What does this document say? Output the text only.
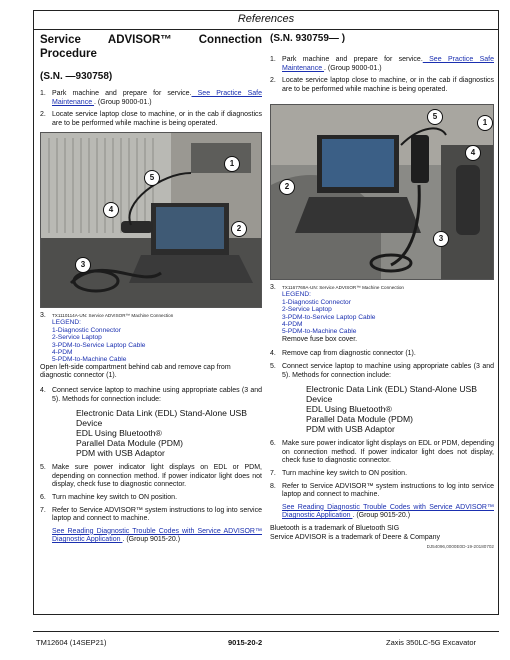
References
Service ADVISOR™ Connection
Procedure

(S.N. —930758)

1. Park machine and prepare for service. See Practice Safe Maintenance . (Group 9000-01.)
2. Locate service laptop close to machine, or in the cab if diagnostics are to be performed while machine is being operated.
1
5
4
2
3
3.	TX1110114A-UN: Service ADVISOR™ Machine Connection

LEGEND:

1-Diagnostic Connector

2-Service Laptop

3-PDM-to-Service Laptop Cable

4-PDM

5-PDM-to-Machine Cable

Open left-side compartment behind cab and remove cap from diagnostic connector (1).

4. Connect service laptop to machine using appropriate cables (3 and 5). Methods for connection include:
Electronic Data Link (EDL) Stand-Alone USB Device
EDL Using Bluetooth®
Parallel Data Module (PDM)
PDM with USB Adaptor
5. Make sure power indicator light displays on EDL or PDM, depending on connection method. If power indicator light does not display, check fuse to diagnostic connector.
6. Turn machine key switch to ON position.
7. Refer to Service ADVISOR™ system instructions to log into service laptop and connect to machine.
See Reading Diagnostic Trouble Codes with Service ADVISOR™ Diagnostic Application . (Group 9015-20.)

(S.N. 930759— )

1. Park machine and prepare for service. See Practice Safe Maintenance . (Group 9000-01.)
2. Locate service laptop close to machine, or in the cab if diagnostics are to be performed while machine is being operated.
5
1
4
2
3
3.	TX1167769A-UN: Service ADVISOR™ Machine Connection

LEGEND:

1-Diagnostic Connector

2-Service Laptop

3-PDM-to-Service Laptop Cable

4-PDM

5-PDM-to-Machine Cable

Remove fuse box cover.

4. Remove cap from diagnostic connector (1).
5. Connect service laptop to machine using appropriate cables (3 and 5). Methods for connection include:
Electronic Data Link (EDL) Stand-Alone USB Device
EDL Using Bluetooth®
Parallel Data Module (PDM)
PDM with USB Adaptor
6. Make sure power indicator light displays on EDL or PDM, depending on connection method. If power indicator light does not display, check fuse to diagnostic connector.
7. Turn machine key switch to ON position.
8. Refer to Service ADVISOR™ system instructions to log into service laptop and connect to machine.
See Reading Diagnostic Trouble Codes with Service ADVISOR™ Diagnostic Application . (Group 9015-20.)

Bluetooth is a trademark of Bluetooth SIG

Service ADVISOR is a trademark of Deere & Company

DJ54096,0000E0D-19-20180702

TM12604 (14SEP21)	9015-20-2	Zaxis 350LC-5G Excavator
